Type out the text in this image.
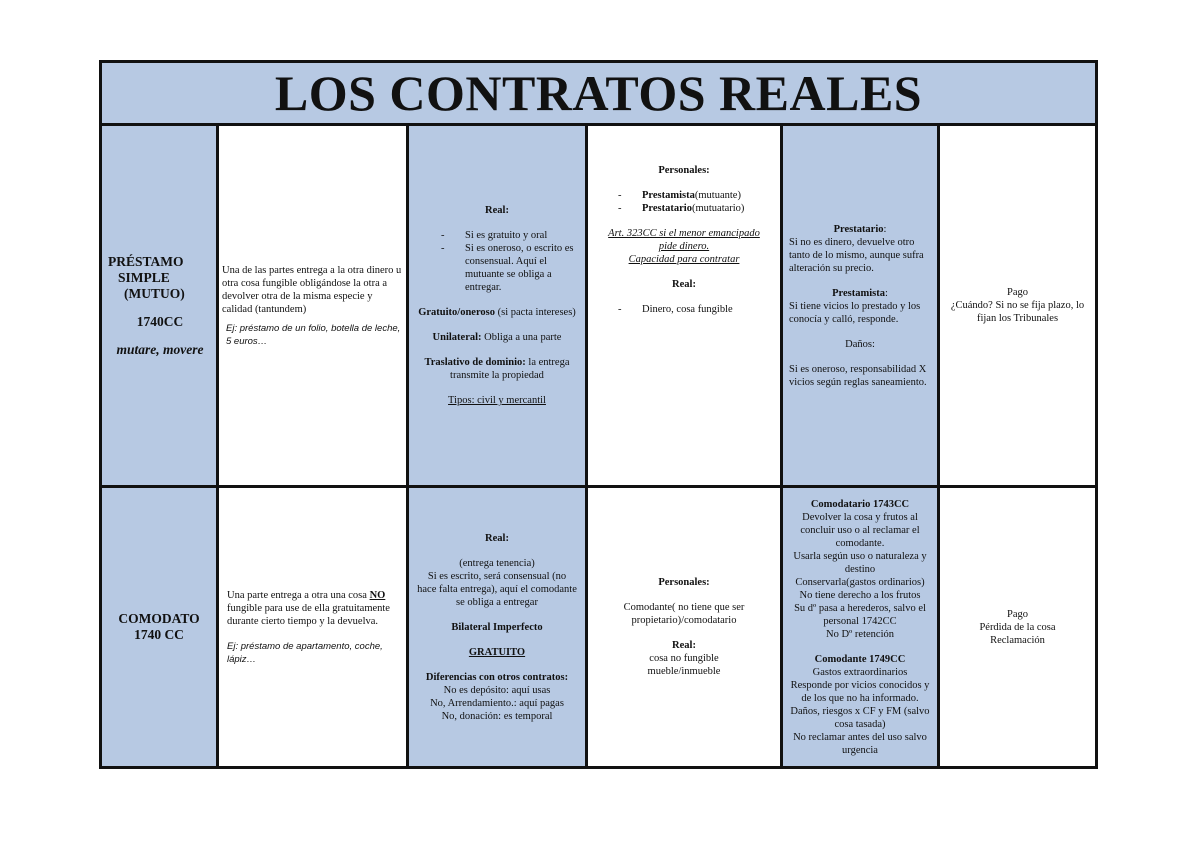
LOS CONTRATOS REALES
PRÉSTAMO
SIMPLE
(MUTUO)
1740CC
mutare, movere
Una de las partes entrega a la otra dinero u otra cosa fungible obligándose la otra a devolver otra de la misma especie y calidad (tantundem)
Ej: préstamo de un folio, botella de leche, 5 euros…
Real:
- Si es gratuito y oral
- Si es oneroso, o escrito es consensual. Aquí el mutuante se obliga a entregar.
Gratuito/oneroso (si pacta intereses)
Unilateral: Obliga a una parte
Traslativo de dominio: la entrega transmite la propiedad
Tipos: civil y mercantil
Personales:
- Prestamista(mutuante)
- Prestatario(mutuatario)
Art. 323CC si el menor emancipado pide dinero.
Capacidad para contratar
Real:
- Dinero, cosa fungible
Prestatario:
Si no es dinero, devuelve otro tanto de lo mismo, aunque sufra alteración su precio.
Prestamista:
Si tiene vicios lo prestado y los conocía y calló, responde.
Daños:
Si es oneroso, responsabilidad X vicios según reglas saneamiento.
Pago
¿Cuándo? Si no se fija plazo, lo fijan los Tribunales
COMODATO
1740 CC
Una parte entrega a otra una cosa NO fungible para use de ella gratuitamente durante cierto tiempo y la devuelva.
Ej: préstamo de apartamento, coche, lápiz…
Real:
(entrega tenencia)
Si es escrito, será consensual (no hace falta entrega), aquí el comodante se obliga a entregar
Bilateral Imperfecto
GRATUITO
Diferencias con otros contratos:
No es depósito: aquí usas
No, Arrendamiento.: aquí pagas
No, donación: es temporal
Personales:
Comodante( no tiene que ser propietario)/comodatario
Real:
cosa no fungible
mueble/inmueble
Comodatario 1743CC
Devolver la cosa y frutos al concluir uso o al reclamar el comodante.
Usarla según uso o naturaleza y destino
Conservarla(gastos ordinarios)
No tiene derecho a los frutos
Su dº pasa a herederos, salvo el personal 1742CC
No Dº retención
Comodante 1749CC
Gastos extraordinarios
Responde por vicios conocidos y de los que no ha informado.
Daños, riesgos x CF y FM (salvo cosa tasada)
No reclamar antes del uso salvo urgencia
Pago
Pérdida de la cosa
Reclamación
